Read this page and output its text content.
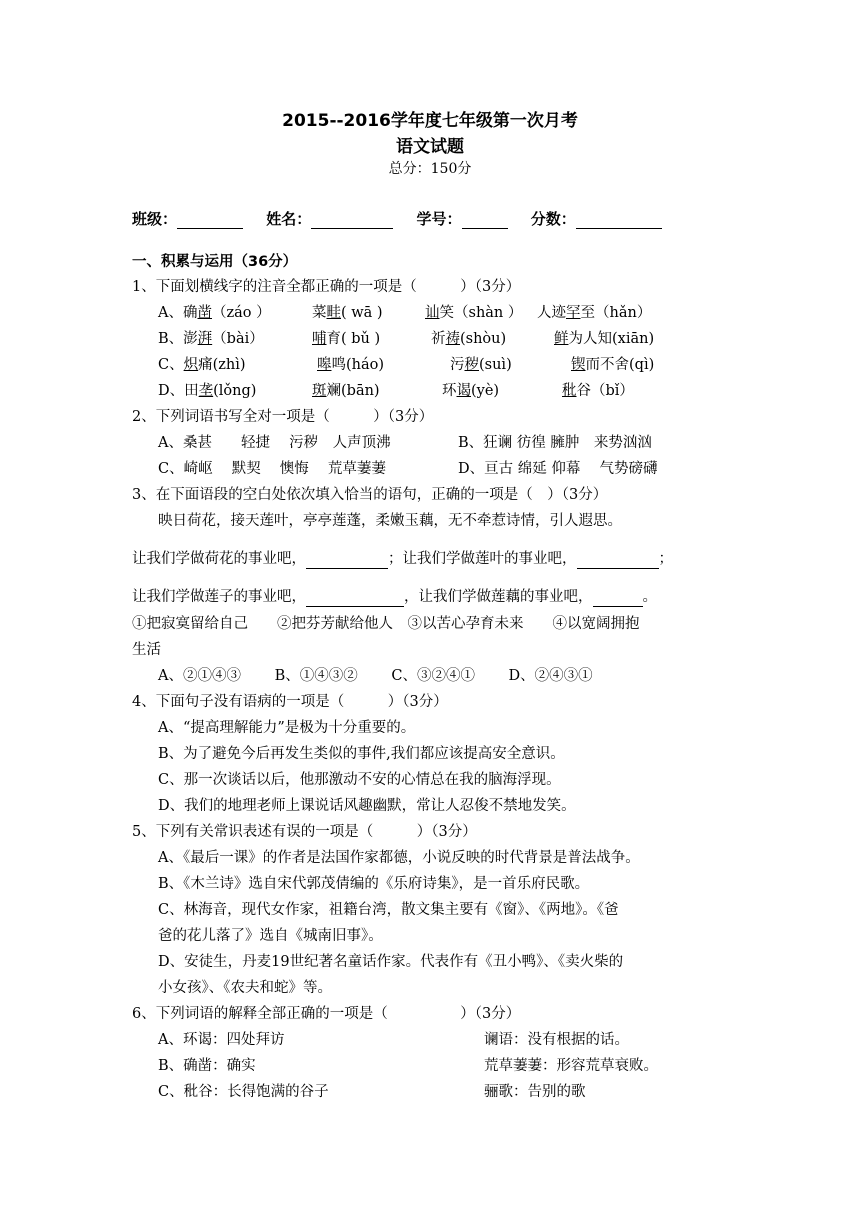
2015--2016学年度七年级第一次月考
语文试题
总分：150分
班级：	姓名：	学号：	分数：
一、积累与运用（36分）
1、下面划横线字的注音全都正确的一项是（　　　）（3分）
A、确凿（záo ）	菜畦( wā )	讪笑（shàn ） 人迹罕至（hǎn）
B、澎湃（bài）	哺育( bǔ )	祈祷(shòu)	鲜为人知(xiān)
C、炽痛(zhì)	嗥鸣(háo)	污秽(suì)	锲而不舍(qì)
D、田垄(lǒng)	斑斓(bān)	环谒(yè)	秕谷（bǐ）
2、下列词语书写全对一项是（　　　）（3分）
A、桑甚　　轻捷　 污秽　人声顶沸	B、狂谰 彷徨 臃肿　来势汹汹
C、崎岖　 默契　 懊悔　 荒草萋萋	D、亘古 绵延 仰幕　 气势磅礴
3、在下面语段的空白处依次填入恰当的语句，正确的一项是（　）（3分）
映日荷花，接天莲叶，亭亭莲蓬，柔嫩玉藕，无不牵惹诗情，引人遐思。
让我们学做荷花的事业吧，	；让我们学做莲叶的事业吧，	；
让我们学做莲子的事业吧，	，让我们学做莲藕的事业吧，	。
①把寂寞留给自己　　②把芬芳献给他人　③以苦心孕育未来　　④以宽阔拥抱
生活
A、②①④③　　 B、①④③②　　 C、③②④①　　 D、②④③①
4、下面句子没有语病的一项是（　　　）（3分）
A、“提高理解能力”是极为十分重要的。
B、为了避免今后再发生类似的事件,我们都应该提高安全意识。
C、那一次谈话以后，他那激动不安的心情总在我的脑海浮现。
D、我们的地理老师上课说话风趣幽默，常让人忍俊不禁地发笑。
5、下列有关常识表述有误的一项是（　　　）（3分）
A、《最后一课》的作者是法国作家都德，小说反映的时代背景是普法战争。
B、《木兰诗》选自宋代郭茂倩编的《乐府诗集》，是一首乐府民歌。
C、林海音，现代女作家，祖籍台湾，散文集主要有《窗》、《两地》。《爸
爸的花儿落了》选自《城南旧事》。
D、安徒生，丹麦19世纪著名童话作家。代表作有《丑小鸭》、《卖火柴的
小女孩》、《农夫和蛇》等。
6、下列词语的解释全部正确的一项是（　　　　　）（3分）
A、环谒：四处拜访	谰语：没有根据的话。
B、确凿：确实	荒草萋萋：形容荒草衰败。
C、秕谷：长得饱满的谷子	骊歌：告别的歌
